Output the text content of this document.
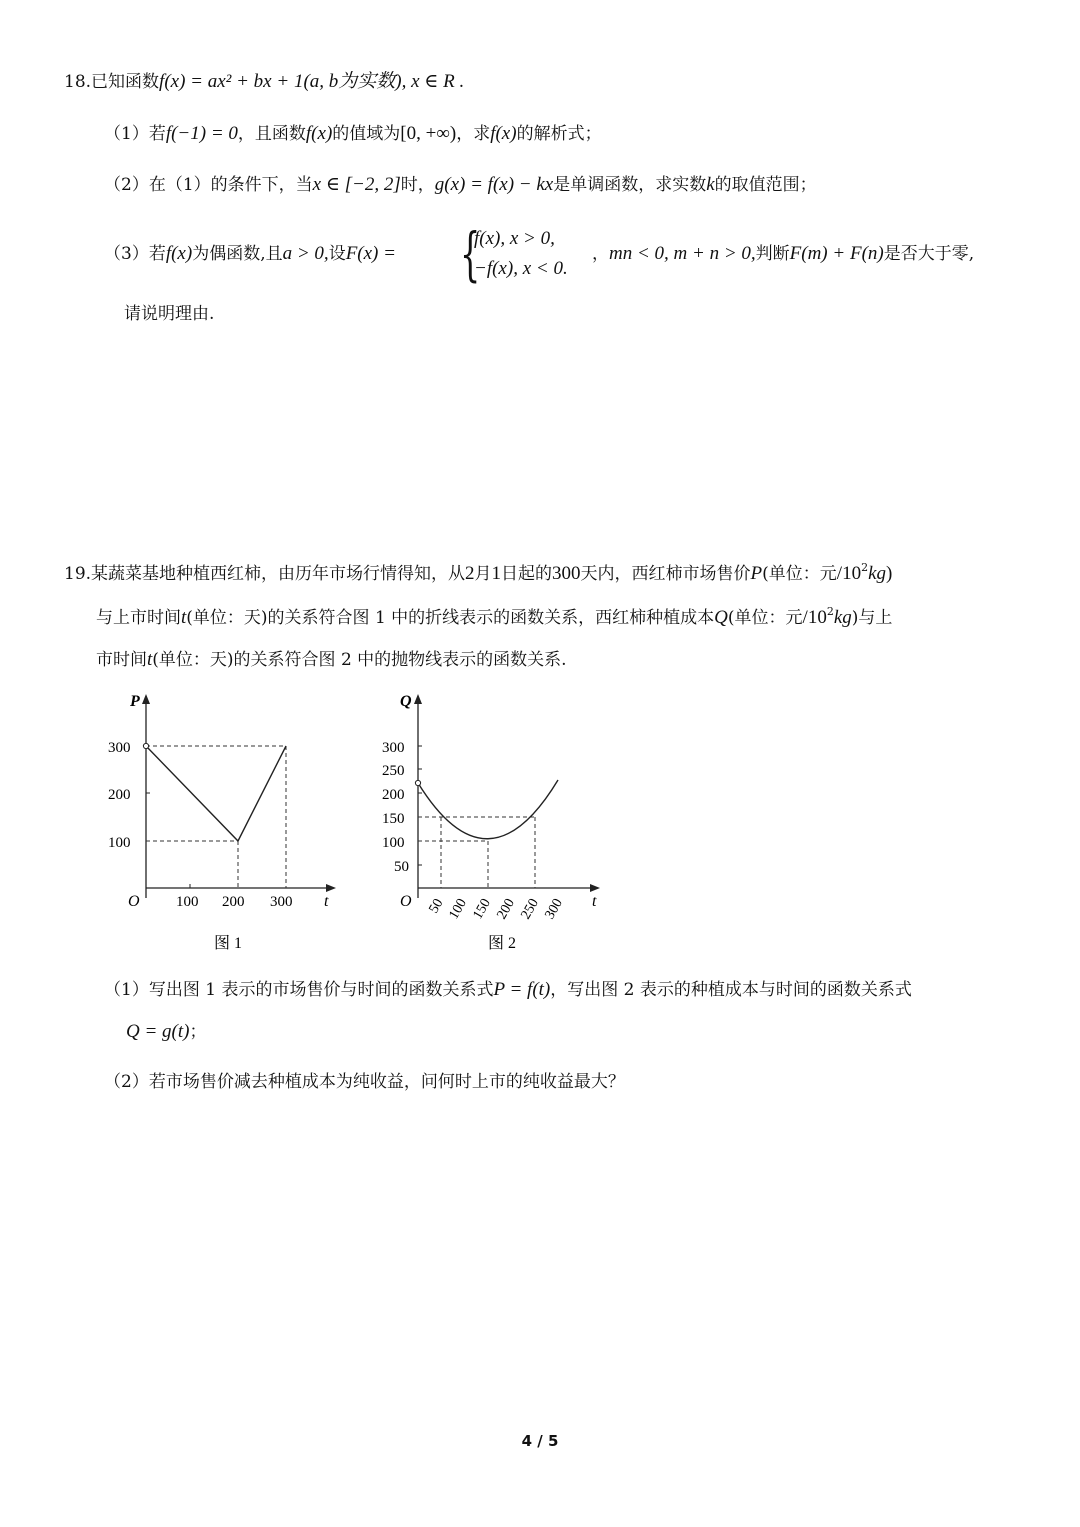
18.已知函数f(x) = ax² + bx + 1(a, b为实数), x ∈ R .
（1）若f(−1) = 0，且函数f(x)的值域为[0, +∞)，求f(x)的解析式；
（2）在（1）的条件下，当x ∈ [−2, 2]时，g(x) = f(x) − kx是单调函数，求实数k的取值范围；
（3）若f(x)为偶函数,且a > 0,设F(x) = {
f(x), x > 0,
−f(x), x < 0.
，mn < 0, m + n > 0,判断F(m) + F(n)是否大于零,
请说明理由.
19.某蔬菜基地种植西红柿，由历年市场行情得知，从2月1日起的300天内，西红柿市场售价P(单位：元$/10^2kg$)
与上市时间t(单位：天)的关系符合图 1 中的折线表示的函数关系，西红柿种植成本Q(单位：元$/10^2kg$)与上
市时间t(单位：天)的关系符合图 2 中的抛物线表示的函数关系.
P
t
O
300
200
100
100 200 300
图 1
Q
t
O
300
250
200
150
100
50
50 100 150 200 250 300
图 2
（1）写出图 1 表示的市场售价与时间的函数关系式P = f(t)，写出图 2 表示的种植成本与时间的函数关系式
Q = g(t)；
（2）若市场售价减去种植成本为纯收益，问何时上市的纯收益最大？
4 / 5
